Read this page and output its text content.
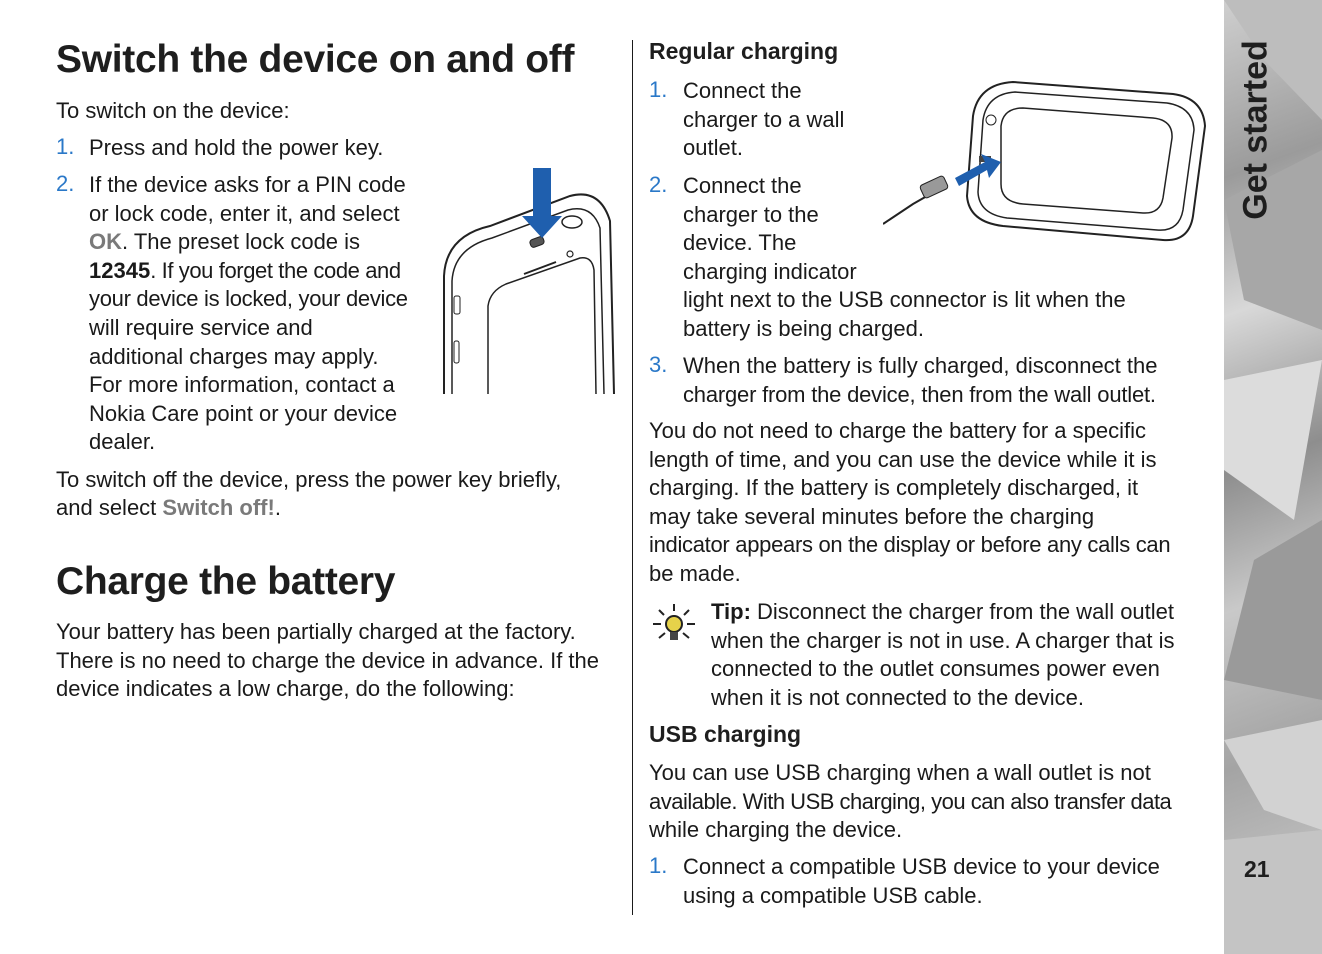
Switch the device on and off

To switch on the device:

1. Press and hold the power key.
2. If the device asks for a PIN code
or lock code, enter it, and select
OK. The preset lock code is
12345. If you forget the code and
your device is locked, your device
will require service and
additional charges may apply.
For more information, contact a
Nokia Care point or your device
dealer.

To switch off the device, press the power key briefly,

and select Switch off!.

Charge the battery
Your battery has been partially charged at the factory.
There is no need to charge the device in advance. If the
device indicates a low charge, do the following:
Regular charging
1. Connect the
charger to a wall
outlet.
2. Connect the
charger to the
device. The
charging indicator
light next to the USB connector is lit when the
battery is being charged.
3. When the battery is fully charged, disconnect the
charger from the device, then from the wall outlet.
You do not need to charge the battery for a specific
length of time, and you can use the device while it is
charging. If the battery is completely discharged, it
may take several minutes before the charging
indicator appears on the display or before any calls can
be made.
Tip: Disconnect the charger from the wall outlet
when the charger is not in use. A charger that is
connected to the outlet consumes power even
when it is not connected to the device.
USB charging
You can use USB charging when a wall outlet is not
available. With USB charging, you can also transfer data
while charging the device.
1. Connect a compatible USB device to your device
using a compatible USB cable.
Get started
21
